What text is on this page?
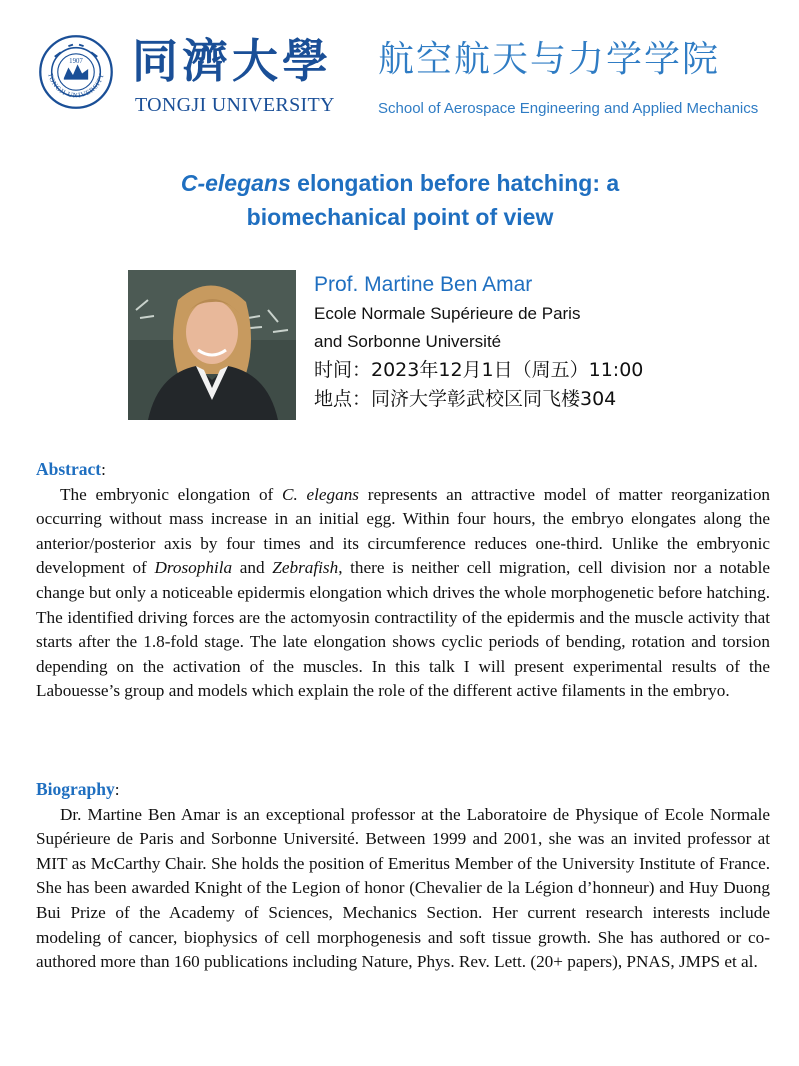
1907
TONGJI UNIVERSITY 同濟大學
TONGJI UNIVERSITY
航空航天与力学学院
School of Aerospace Engineering and Applied Mechanics
C-elegans elongation before hatching: a biomechanical point of view
Prof. Martine Ben Amar
Ecole Normale Supérieure de Paris
and Sorbonne Université
时间：2023年12月1日（周五）11:00
地点：同济大学彰武校区同飞楼304
Abstract:

The embryonic elongation of C. elegans represents an attractive model of matter reorganization occurring without mass increase in an initial egg. Within four hours, the embryo elongates along the anterior/posterior axis by four times and its circumference reduces one-third. Unlike the embryonic development of Drosophila and Zebrafish, there is neither cell migration, cell division nor a notable change but only a noticeable epidermis elongation which drives the whole morphogenetic before hatching. The identified driving forces are the actomyosin contractility of the epidermis and the muscle activity that starts after the 1.8-fold stage. The late elongation shows cyclic periods of bending, rotation and torsion depending on the activation of the muscles. In this talk I will present experimental results of the Labouesse’s group and models which explain the role of the different active filaments in the embryo.

Biography:

Dr. Martine Ben Amar is an exceptional professor at the Laboratoire de Physique of Ecole Normale Supérieure de Paris and Sorbonne Université. Between 1999 and 2001, she was an invited professor at MIT as McCarthy Chair. She holds the position of Emeritus Member of the University Institute of France. She has been awarded Knight of the Legion of honor (Chevalier de la Légion d’honneur) and Huy Duong Bui Prize of the Academy of Sciences, Mechanics Section. Her current research interests include modeling of cancer, biophysics of cell morphogenesis and soft tissue growth. She has authored or co-authored more than 160 publications including Nature, Phys. Rev. Lett. (20+ papers), PNAS, JMPS et al.
